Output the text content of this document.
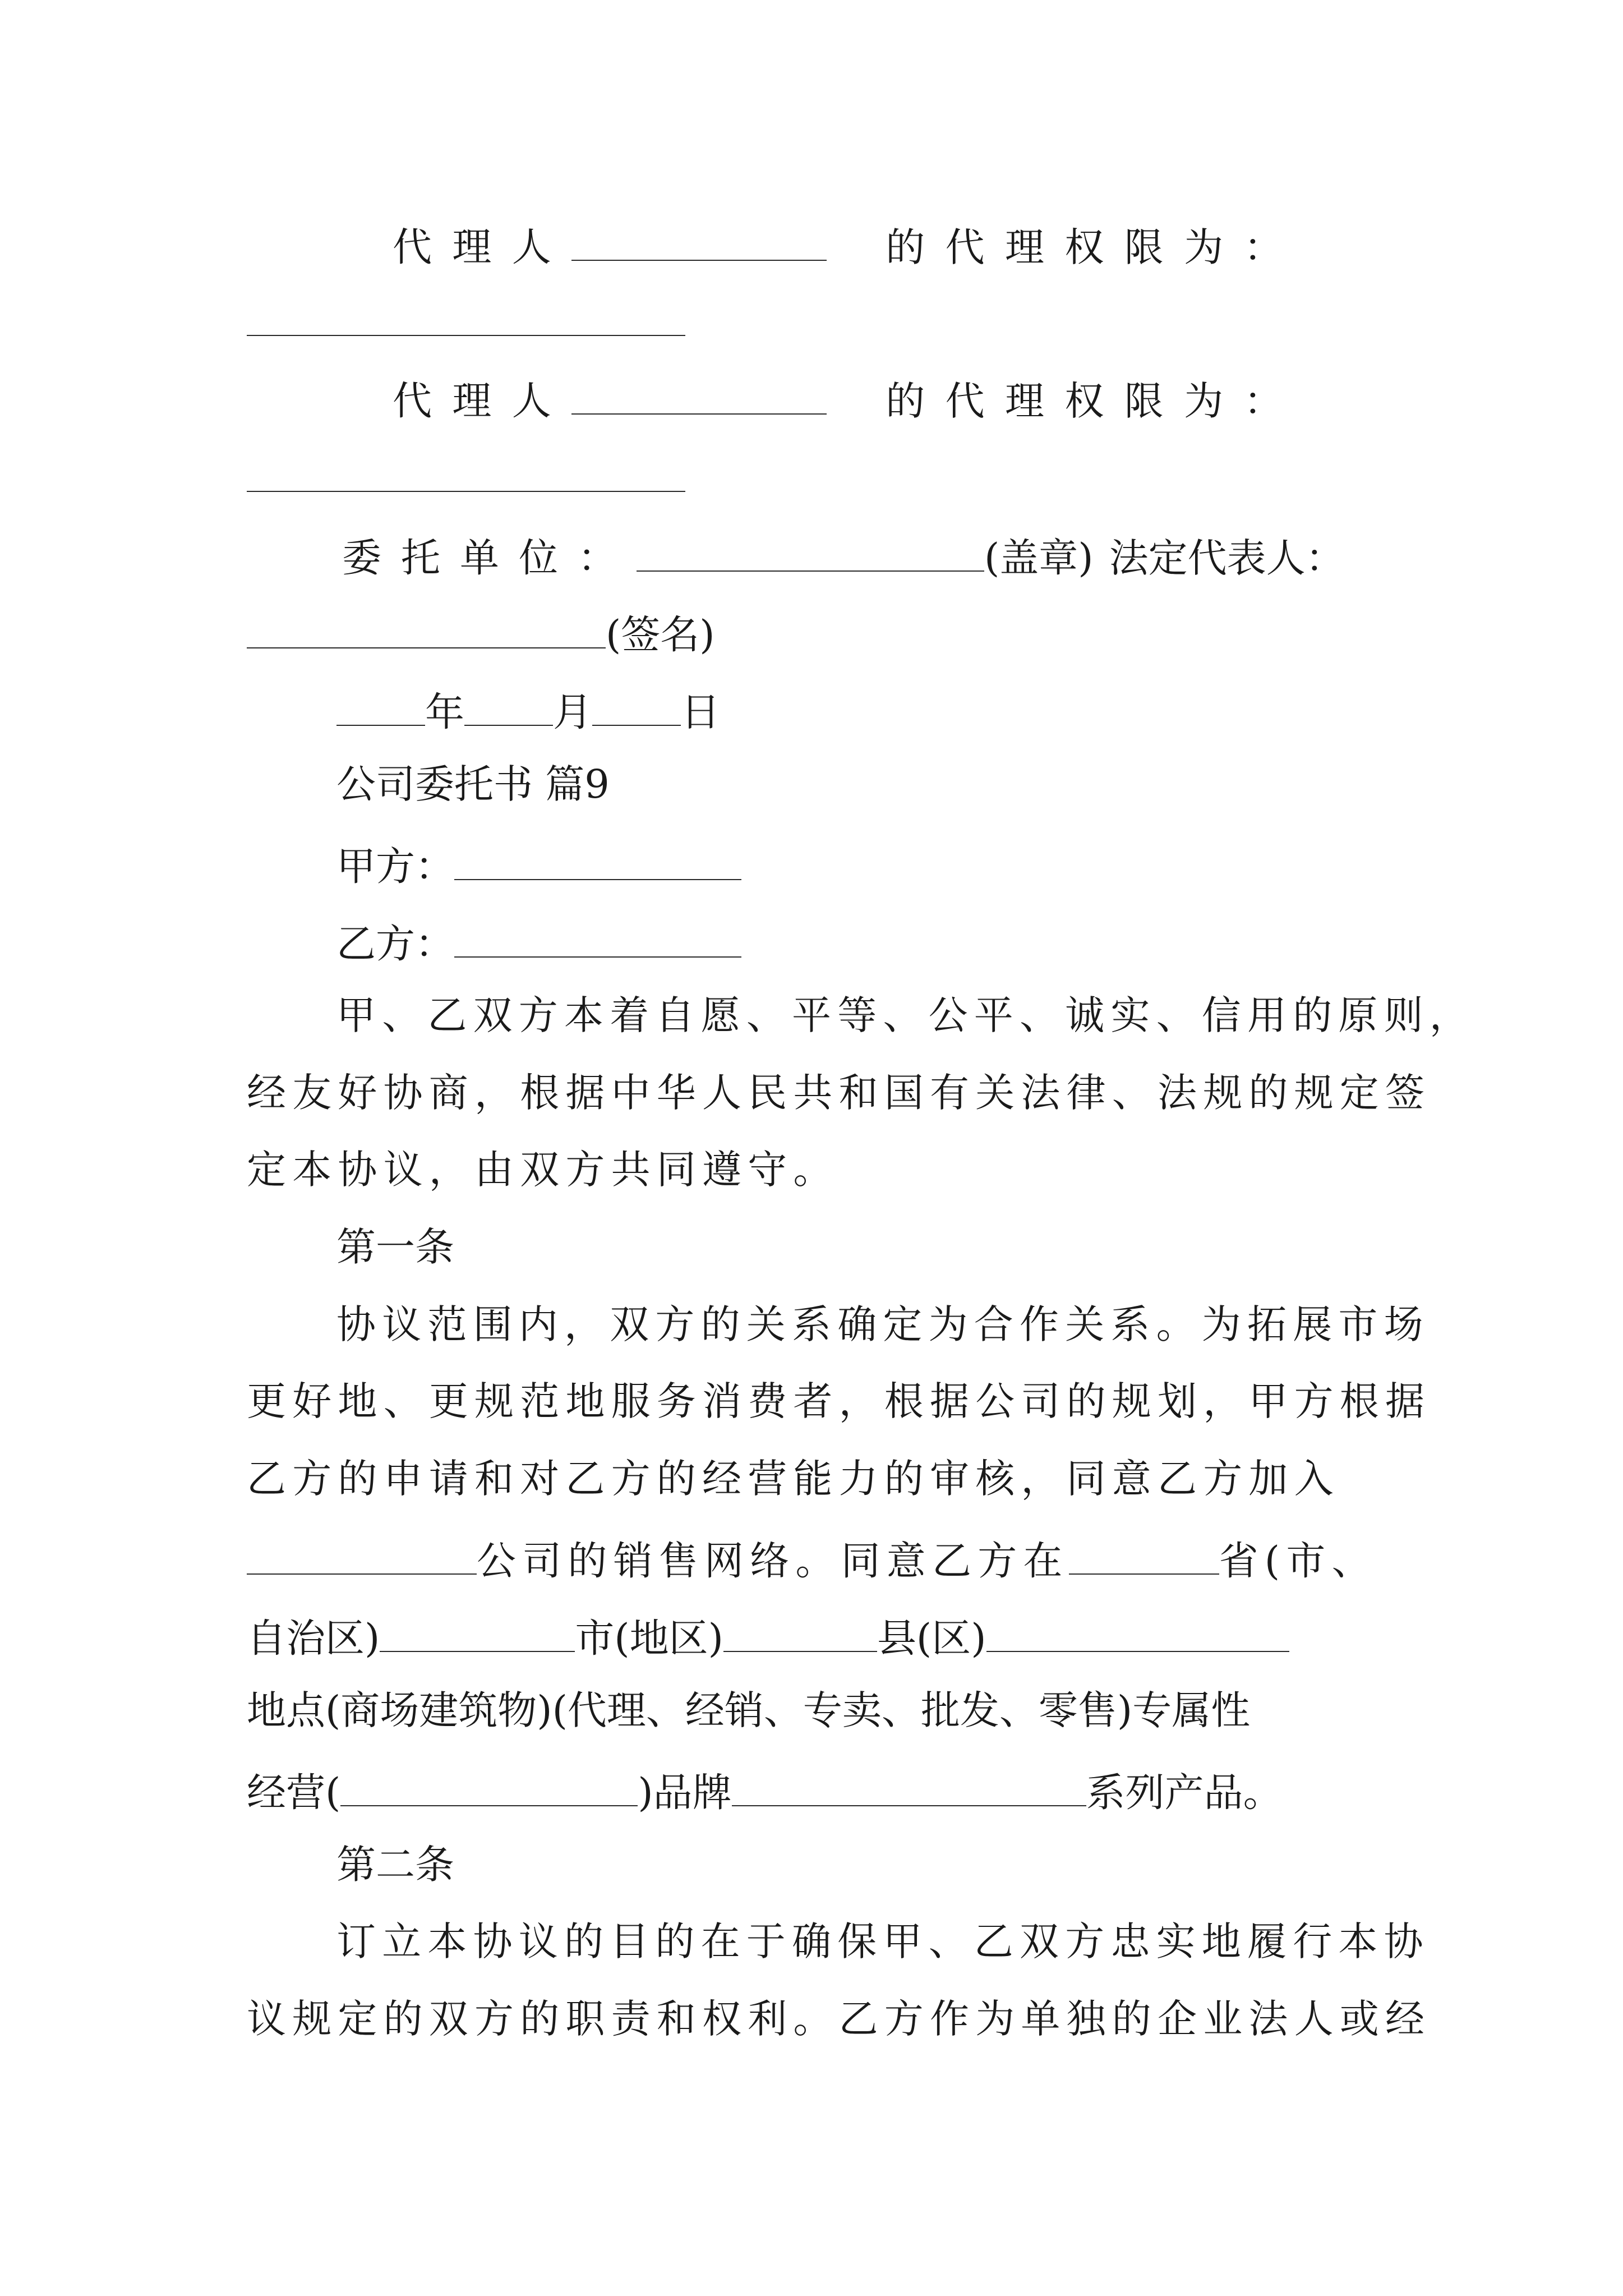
代理人	的代理权限为：
代理人	的代理权限为：
委托单位：	(盖章) 法定代表人：
(签名)
年 月 日
公司委托书 篇9
甲方：
乙方：
甲、乙双方本着自愿、平等、公平、诚实、信用的原则，
经友好协商，根据中华人民共和国有关法律、法规的规定签
定本协议，由双方共同遵守。
第一条
协议范围内，双方的关系确定为合作关系。为拓展市场
更好地、更规范地服务消费者，根据公司的规划，甲方根据
乙方的申请和对乙方的经营能力的审核，同意乙方加入
公司的销售网络。同意乙方在	省(市、
自治区)	市(地区)	县(区)
地点(商场建筑物)(代理、经销、专卖、批发、零售)专属性
经营(	)品牌	系列产品。
第二条
订立本协议的目的在于确保甲、乙双方忠实地履行本协
议规定的双方的职责和权利。乙方作为单独的企业法人或经
